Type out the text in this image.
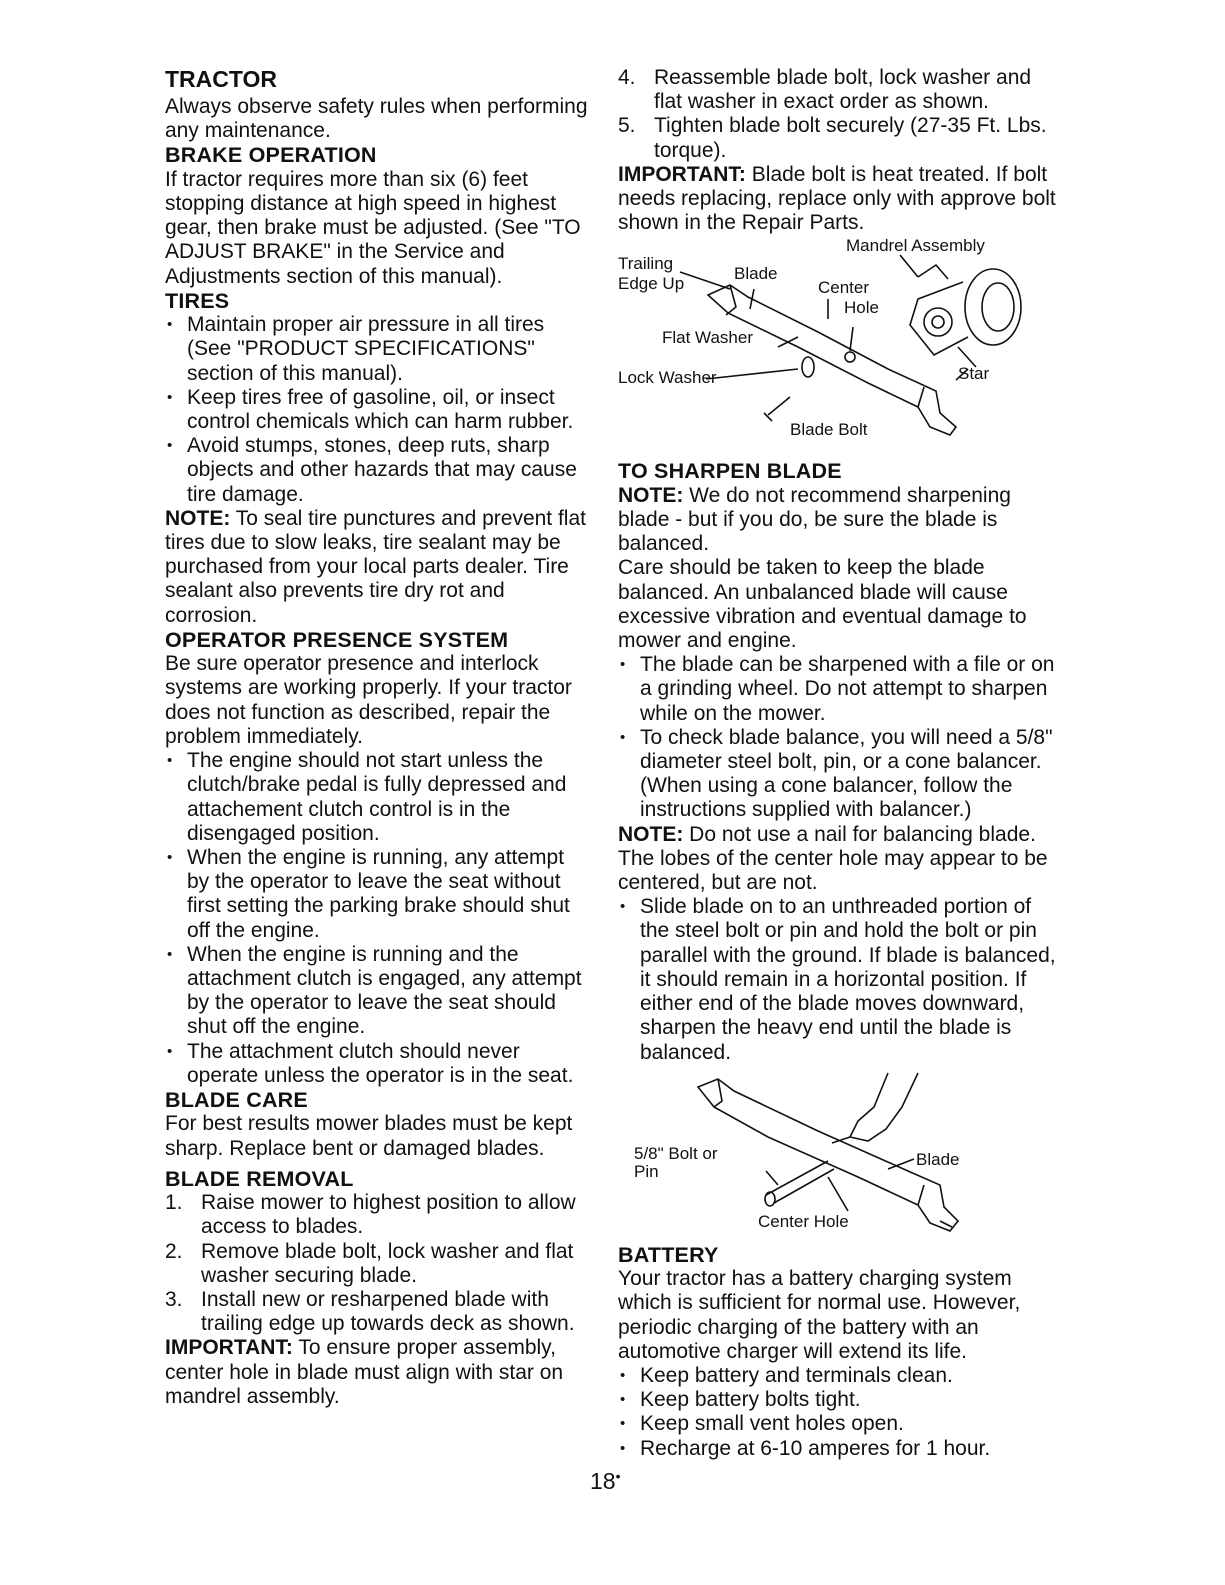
TRACTOR

Always observe safety rules when performing any maintenance.

BRAKE OPERATION

If tractor requires more than six (6) feet stopping distance at high speed in highest gear, then brake must be adjusted. (See "TO ADJUST BRAKE" in the Service and Adjustments section of this manual).

TIRES

• Maintain proper air pressure in all tires (See "PRODUCT SPECIFICATIONS" section of this manual).
• Keep tires free of gasoline, oil, or insect control chemicals which can harm rubber.
• Avoid stumps, stones, deep ruts, sharp objects and other hazards that may cause tire damage.

NOTE: To seal tire punctures and prevent flat tires due to slow leaks, tire sealant may be purchased from your local parts dealer. Tire sealant also prevents tire dry rot and corrosion.

OPERATOR PRESENCE SYSTEM

Be sure operator presence and interlock systems are working properly. If your tractor does not function as described, repair the problem immediately.

• The engine should not start unless the clutch/brake pedal is fully depressed and attachement clutch control is in the disengaged position.
• When the engine is running, any attempt by the operator to leave the seat without first setting the parking brake should shut off the engine.
• When the engine is running and the attachment clutch is engaged, any attempt by the operator to leave the seat should shut off the engine.
• The attachment clutch should never operate unless the operator is in the seat.

BLADE CARE

For best results mower blades must be kept sharp. Replace bent or damaged blades.

BLADE REMOVAL

1. Raise mower to highest position to allow access to blades.
2. Remove blade bolt, lock washer and flat washer securing blade.
3. Install new or resharpened blade with trailing edge up towards deck as shown.

IMPORTANT: To ensure proper assembly, center hole in blade must align with star on mandrel assembly.

4. Reassemble blade bolt, lock washer and flat washer in exact order as shown.
5. Tighten blade bolt securely (27-35 Ft. Lbs. torque).

IMPORTANT: Blade bolt is heat treated. If bolt needs replacing, replace only with approve bolt shown in the Repair Parts.

Mandrel Assembly
Trailing
Edge Up
Blade
Center
Hole
Flat Washer
Lock Washer	Star
Blade Bolt

TO SHARPEN BLADE

NOTE: We do not recommend sharpening blade - but if you do, be sure the blade is balanced.

Care should be taken to keep the blade balanced. An unbalanced blade will cause excessive vibration and eventual damage to mower and engine.

• The blade can be sharpened with a file or on a grinding wheel. Do not attempt to sharpen while on the mower.
• To check blade balance, you will need a 5/8" diameter steel bolt, pin, or a cone balancer. (When using a cone balancer, follow the instructions supplied with balancer.)

NOTE: Do not use a nail for balancing blade. The lobes of the center hole may appear to be centered, but are not.

• Slide blade on to an unthreaded portion of the steel bolt or pin and hold the bolt or pin parallel with the ground. If blade is balanced, it should remain in a horizontal position. If either end of the blade moves downward, sharpen the heavy end until the blade is balanced.
5/8" Bolt or
Pin
Blade
Center Hole

BATTERY

Your tractor has a battery charging system which is sufficient for normal use. However, periodic charging of the battery with an automotive charger will extend its life.

• Keep battery and terminals clean.
• Keep battery bolts tight.
• Keep small vent holes open.
• Recharge at 6-10 amperes for 1 hour.
18•
